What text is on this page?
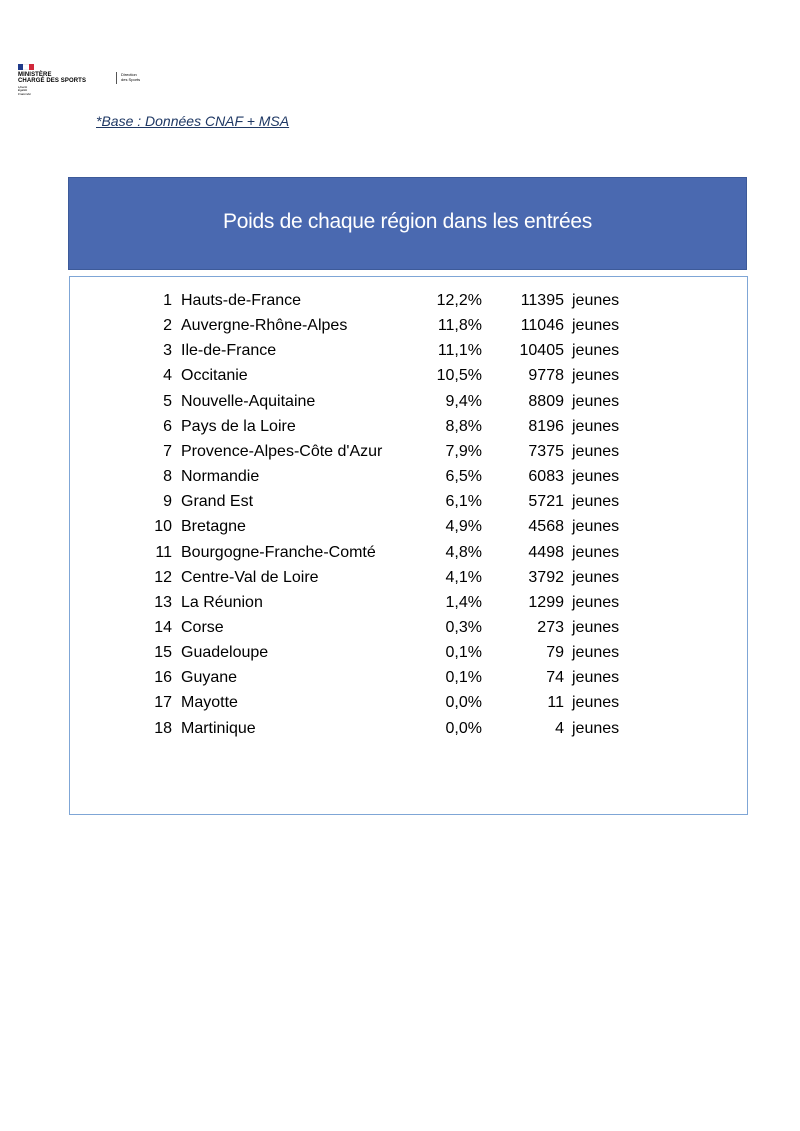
MINISTÈRE
CHARGÉ DES SPORTS
Liberté
Égalité
Fraternité
Direction
des Sports
*Base : Données CNAF + MSA
Poids de chaque région dans les entrées
1 Hauts-de-France	12,2%	11395 jeunes
2 Auvergne-Rhône-Alpes	11,8%	11046 jeunes
3 Ile-de-France	11,1%	10405 jeunes
4 Occitanie	10,5%	9778 jeunes
5 Nouvelle-Aquitaine	9,4%	8809 jeunes
6 Pays de la Loire	8,8%	8196 jeunes
7 Provence-Alpes-Côte d'Azur	7,9%	7375 jeunes
8 Normandie	6,5%	6083 jeunes
9 Grand Est	6,1%	5721 jeunes
10 Bretagne	4,9%	4568 jeunes
11 Bourgogne-Franche-Comté	4,8%	4498 jeunes
12 Centre-Val de Loire	4,1%	3792 jeunes
13 La Réunion	1,4%	1299 jeunes
14 Corse	0,3%	273 jeunes
15 Guadeloupe	0,1%	79 jeunes
16 Guyane	0,1%	74 jeunes
17 Mayotte	0,0%	11 jeunes
18 Martinique	0,0%	4 jeunes
